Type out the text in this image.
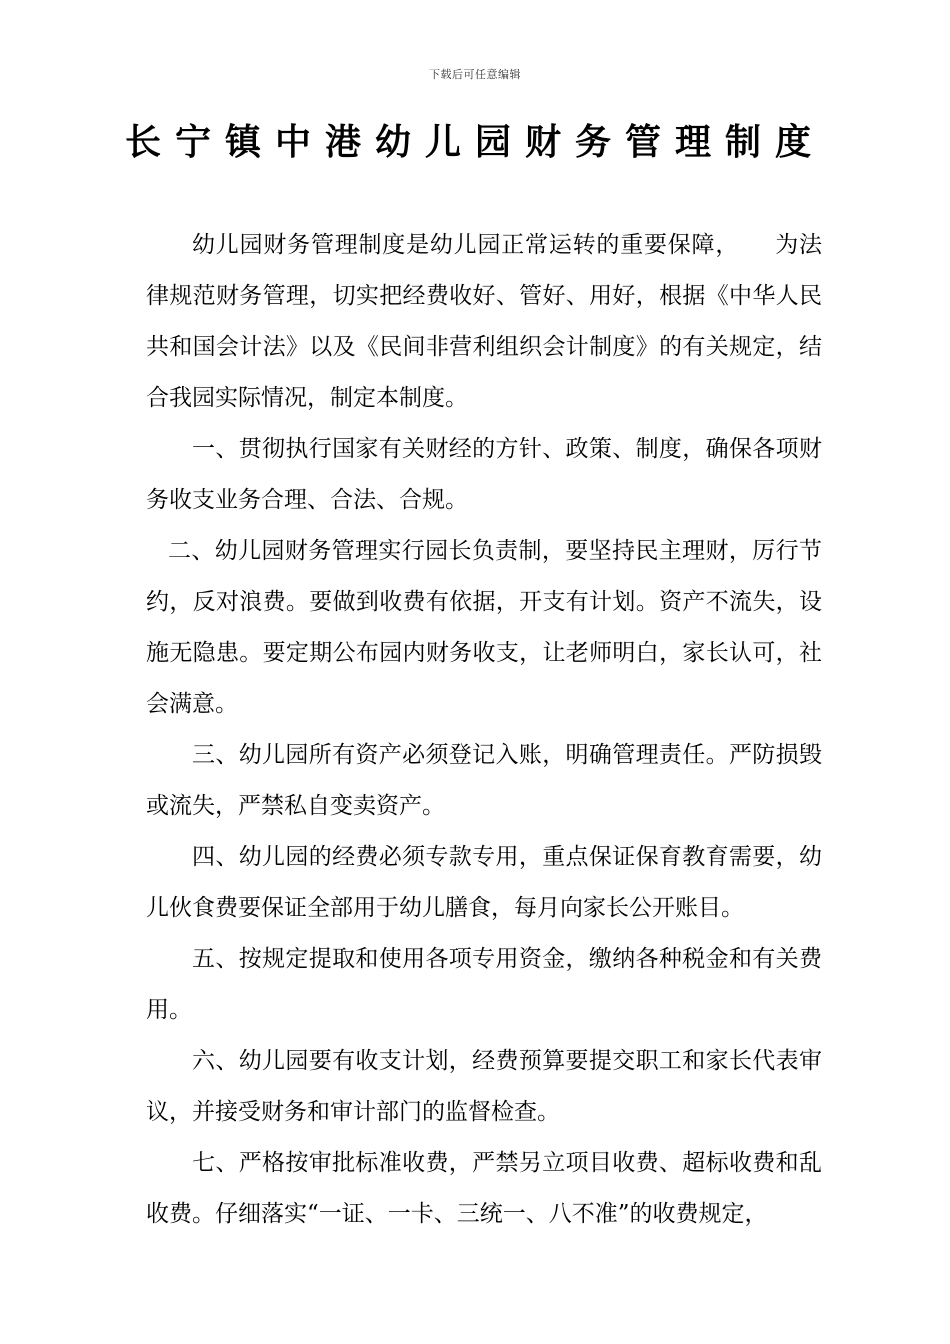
下载后可任意编辑
长宁镇中港幼儿园财务管理制度

幼儿园财务管理制度是幼儿园正常运转的重要保障，　　为法律规范财务管理，切实把经费收好、管好、用好，根据《中华人民共和国会计法》以及《民间非营利组织会计制度》的有关规定，结合我园实际情况，制定本制度。

一、贯彻执行国家有关财经的方针、政策、制度，确保各项财务收支业务合理、合法、合规。

二、幼儿园财务管理实行园长负责制，要坚持民主理财，厉行节约，反对浪费。要做到收费有依据，开支有计划。资产不流失，设施无隐患。要定期公布园内财务收支，让老师明白，家长认可，社会满意。

三、幼儿园所有资产必须登记入账，明确管理责任。严防损毁或流失，严禁私自变卖资产。

四、幼儿园的经费必须专款专用，重点保证保育教育需要，幼儿伙食费要保证全部用于幼儿膳食，每月向家长公开账目。

五、按规定提取和使用各项专用资金，缴纳各种税金和有关费用。

六、幼儿园要有收支计划，经费预算要提交职工和家长代表审议，并接受财务和审计部门的监督检查。

七、严格按审批标准收费，严禁另立项目收费、超标收费和乱收费。仔细落实“一证、一卡、三统一、八不准”的收费规定，
